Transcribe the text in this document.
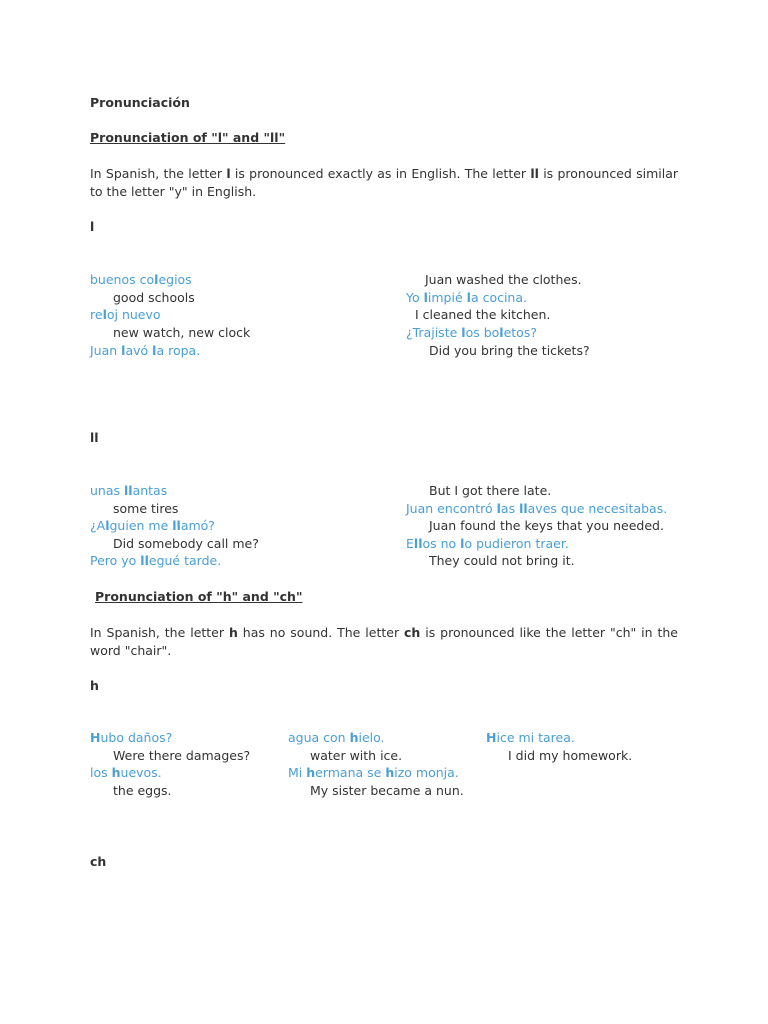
Pronunciación
Pronunciation of "l" and "ll"
In Spanish, the letter l is pronounced exactly as in English. The letter ll is pronounced similar to the letter "y" in English.
l
buenos colegios
good schools
reloj nuevo
new watch, new clock
Juan lavó la ropa.
Juan washed the clothes.
Yo limpié la cocina.
I cleaned the kitchen.
¿Trajiste los boletos?
Did you bring the tickets?
ll
unas llantas
some tires
¿Alguien me llamó?
Did somebody call me?
Pero yo llegué tarde.
But I got there late.
Juan encontró las llaves que necesitabas.
Juan found the keys that you needed.
Ellos no lo pudieron traer.
They could not bring it.
Pronunciation of "h" and "ch"
In Spanish, the letter h has no sound. The letter ch is pronounced like the letter "ch" in the word "chair".
h
Hubo daños?
Were there damages?
los huevos.
the eggs.
agua con hielo.
water with ice.
Mi hermana se hizo monja.
My sister became a nun.
Hice mi tarea.
I did my homework.
ch
